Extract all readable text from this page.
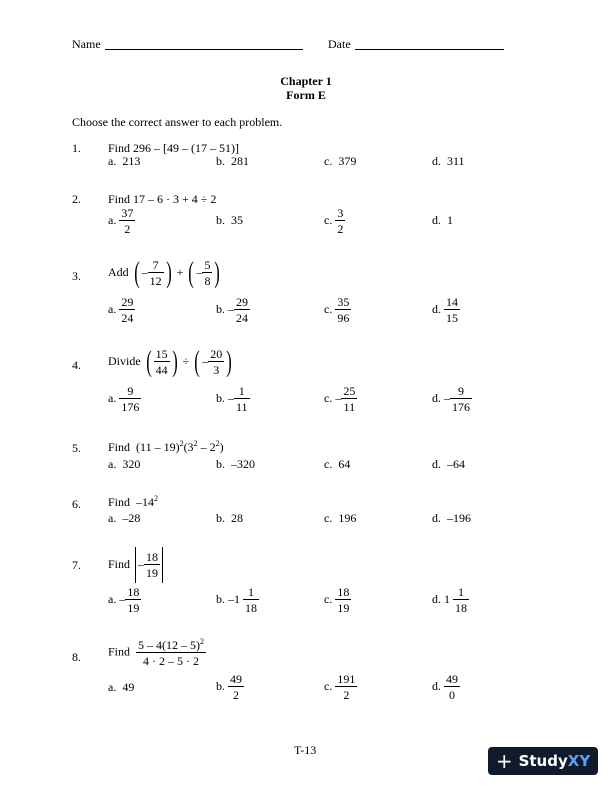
Name	Date
Chapter 1
Form E
Choose the correct answer to each problem.
1. Find 296 – [49 – (17 – 51)]
a. 213	b. 281	c. 379	d. 311
2. Find 17 – 6 · 3 + 4 ÷ 2
a. $\frac{37}{2}$	b. 35	c. $\frac{3}{2}$	d. 1
3. Add ( – $\frac{7}{12}$ ) + ( – $\frac{5}{8}$ )
a. $\frac{29}{24}$	b. – $\frac{29}{24}$	c. $\frac{35}{96}$	d. $\frac{14}{15}$
4. Divide ( $\frac{15}{44}$ ) ÷ ( – $\frac{20}{3}$ )
a. $\frac{9}{176}$	b. – $\frac{1}{11}$	c. – $\frac{25}{11}$	d. – $\frac{9}{176}$
5. Find $(11 - 19)^2(3^2 - 2^2)$
a. 320	b. –320	c. 64	d. –64
6. Find $-14^2$
a. –28	b. 28	c. 196	d. –196
7. Find – $\frac{18}{19}$
a. – $\frac{18}{19}$	b. $-1 \frac{1}{18}$	c. $\frac{18}{19}$	d. $1 \frac{1}{18}$
8. Find $\frac{5 - 4(12 - 5)^2}{4 \cdot 2 - 5 \cdot 2}$
a. 49	b. $\frac{49}{2}$	c. $\frac{191}{2}$	d. $\frac{49}{0}$
T-13	+ StudyXY
